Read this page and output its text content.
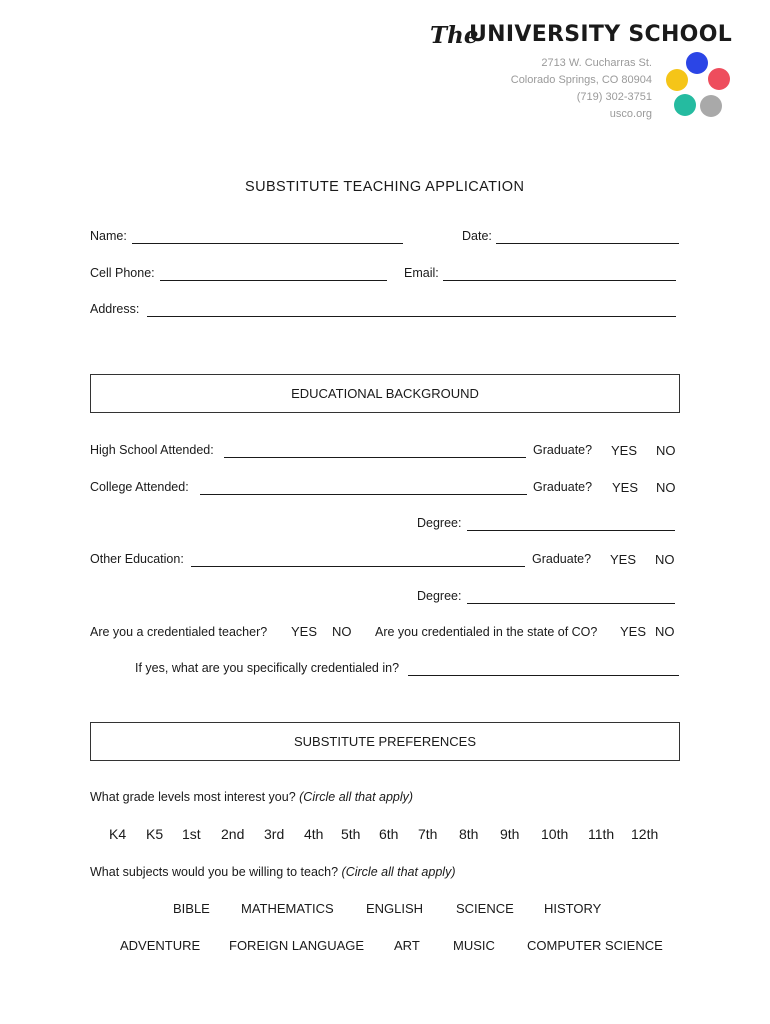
The
UNIVERSITY SCHOOL
2713 W. Cucharras St.
Colorado Springs, CO 80904
(719) 302-3751
usco.org
SUBSTITUTE TEACHING APPLICATION
Name:	Date:
Cell Phone:	Email:
Address:
EDUCATIONAL BACKGROUND
High School Attended:	Graduate? YES NO
College Attended:	Graduate? YES NO
Degree:
Other Education:	Graduate? YES NO
Degree:
Are you a credentialed teacher? YES NO Are you credentialed in the state of CO? YES NO
If yes, what are you specifically credentialed in?
SUBSTITUTE PREFERENCES
What grade levels most interest you? (Circle all that apply)
K4 K5 1st 2nd 3rd 4th 5th 6th 7th 8th 9th 10th 11th 12th
What subjects would you be willing to teach? (Circle all that apply)
BIBLE MATHEMATICS ENGLISH	SCIENCE HISTORY
ADVENTURE FOREIGN LANGUAGE ART	MUSIC COMPUTER SCIENCE
